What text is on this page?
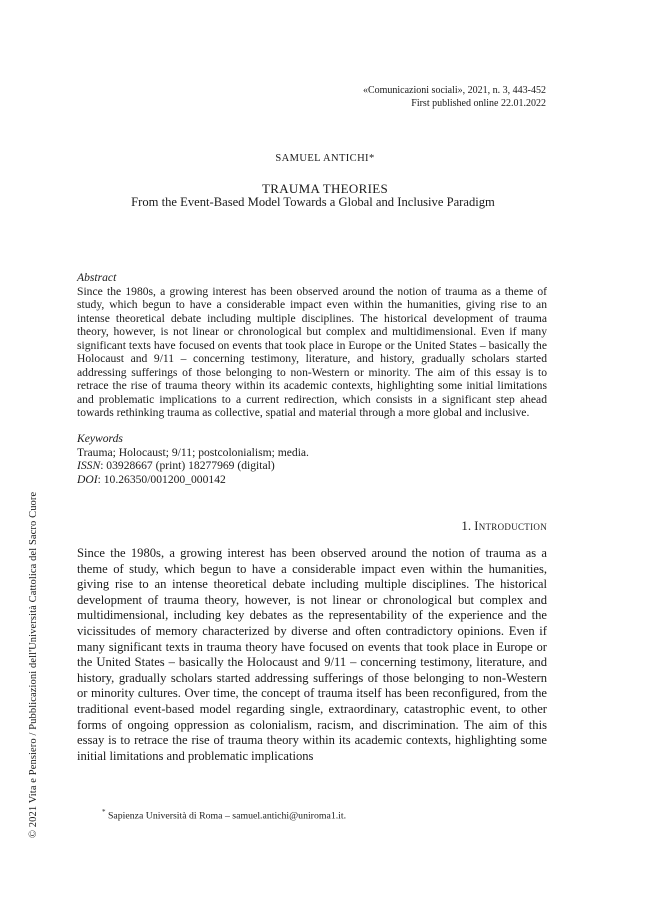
«Comunicazioni sociali», 2021, n. 3, 443-452
First published online 22.01.2022
SAMUEL ANTICHI*
TRAUMA THEORIES
From the Event-Based Model Towards a Global and Inclusive Paradigm
Abstract

Since the 1980s, a growing interest has been observed around the notion of trauma as a theme of study, which begun to have a considerable impact even within the humanities, giving rise to an intense theoretical debate including multiple disciplines. The historical development of trauma theory, however, is not linear or chronological but complex and multidimensional. Even if many significant texts have focused on events that took place in Europe or the United States – basically the Holocaust and 9/11 – concerning testimony, literature, and history, gradually scholars started addressing sufferings of those belonging to non-Western or minority. The aim of this essay is to retrace the rise of trauma theory within its academic contexts, highlighting some initial limitations and problematic implications to a current redirection, which consists in a significant step ahead towards rethinking trauma as collective, spatial and material through a more global and inclusive.

Keywords
Trauma; Holocaust; 9/11; postcolonialism; media.
ISSN: 03928667 (print) 18277969 (digital)
DOI: 10.26350/001200_000142
1. Introduction

Since the 1980s, a growing interest has been observed around the notion of trauma as a theme of study, which begun to have a considerable impact even within the humanities, giving rise to an intense theoretical debate including multiple disciplines. The historical development of trauma theory, however, is not linear or chronological but complex and multidimensional, including key debates as the representability of the experience and the vicissitudes of memory characterized by diverse and often contradictory opinions. Even if many significant texts in trauma theory have focused on events that took place in Europe or the United States – basically the Holocaust and 9/11 – concerning testimony, literature, and history, gradually scholars started addressing sufferings of those belonging to non-Western or minority cultures. Over time, the concept of trauma itself has been reconfigured, from the traditional event-based model regarding single, extraordinary, catastrophic event, to other forms of ongoing oppression as colonialism, racism, and discrimination. The aim of this essay is to retrace the rise of trauma theory within its academic contexts, highlighting some initial limitations and problematic implications

* Sapienza Università di Roma – samuel.antichi@uniroma1.it.
© 2021 Vita e Pensiero / Pubblicazioni dell'Università Cattolica del Sacro Cuore
